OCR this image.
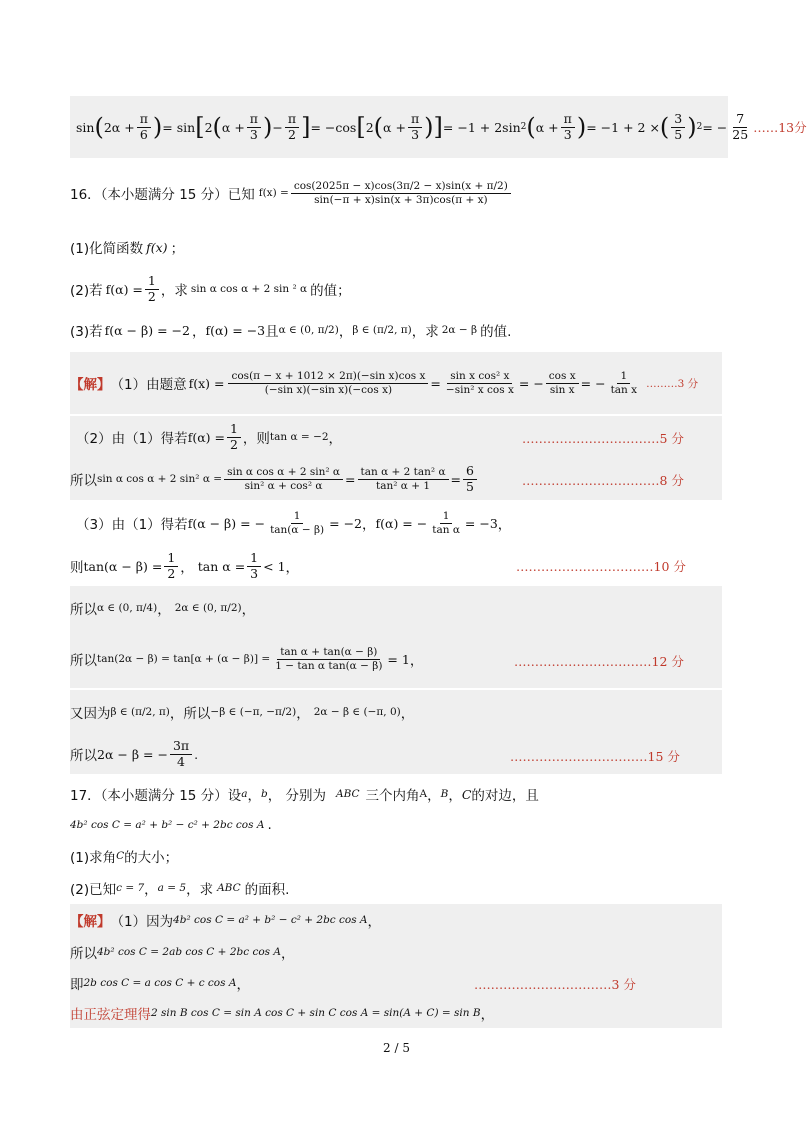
sin ( $2\alpha + \frac{\pi}{6}$ ) = sin [ 2 ( $\alpha + \frac{\pi}{3}$ ) − $\frac{\pi}{2}$ ] = −cos [ 2 ( $\alpha + \frac{\pi}{3}$ ) ] = −1 + 2sin 2 ( $\alpha + \frac{\pi}{3}$ ) = −1 + 2 × ( $\frac{3}{5}$ ) 2 = − $\frac{7}{25}$ ……13分
16．（本小题满分 15 分）已知 $f(x) = \frac{\cos(2025\pi - x)\cos(3\pi/2 - x)\sin(x + \pi/2)}{\sin(-\pi + x)\sin(x + 3\pi)\cos(\pi + x)}$
(1)化简函数 f(x) ；
(2)若 $f(\alpha) = \frac{1}{2}$ ，求 sin α cos α + 2 sin ² α 的值；
(3)若 f(α − β) = −2 ， f(α) = −3 且 α ∈ (0, π/2) ， β ∈ (π/2, π) ，求 2α − β 的值.
【解】 （1）由题意 $f(x) = \frac{\text{cos(π − x + 1012 × 2π)(−sin x)cos x}}{\text{(−sin x)(−sin x)(−cos x)}} = \frac{\text{sin x cos² x}}{\text{−sin² x cos x}}$ = − $\frac{\text{cos x}}{\text{sin x}}$ = − $\frac{1}{\text{tan x}}$ ………3 分
（2）由（1）得若 $f(\alpha) = \frac{1}{2}$ ，则 tan α = −2 ，	……………………………5 分
所以 sin α cos α + 2 sin² $\alpha = \frac{\text{sin α cos α + 2 sin² α}}{\text{sin² α + cos² α}} = \frac{\text{tan α + 2 tan² α}}{\text{tan² α + 1}} = \frac{6}{5}$	……………………………8 分
（3）由（1）得若 f(α − β) = − $\frac{1}{\tan(\alpha - \beta)} = -2$ ， f(α) = − $\frac{1}{\text{tan α}} = -3$ ，
则 $\tan(\alpha - \beta) = \frac{1}{2}$ ， $\tan \alpha = \frac{1}{3} < 1$ ，	……………………………10 分
所以 α ∈ (0, π/4) ， 2α ∈ (0, π/2) ，
所以 $\tan(2\alpha - \beta) = \tan[\alpha + (\alpha - \beta)] = \frac{\text{tan α + tan(α − β)}}{\text{1 − tan α tan(α − β)}} = 1$ ，	……………………………12 分
又因为 β ∈ (π/2, π) ，所以 −β ∈ (−π, −π/2) ， 2α − β ∈ (−π, 0) ，
所以 2α − β = − $\frac{3\pi}{4}$ .	……………………………15 分
17．（本小题满分 15 分）设 a ， b ， 分别为 ABC 三个内角 A ， B ， C 的对边，且
4b² cos C = a² + b² − c² + 2bc cos A .
(1)求角 C 的大小；
(2)已知 c = 7 ， a = 5 ，求 ABC 的面积.
【解】 （1）因为 4b² cos C = a² + b² − c² + 2bc cos A ，
所以 4b² cos C = 2ab cos C + 2bc cos A ，
即 2b cos C = a cos C + c cos A ，	……………………………3 分
由正弦定理得 2 sin B cos C = sin A cos C + sin C cos A = sin(A + C) = sin B ，
2 / 5
